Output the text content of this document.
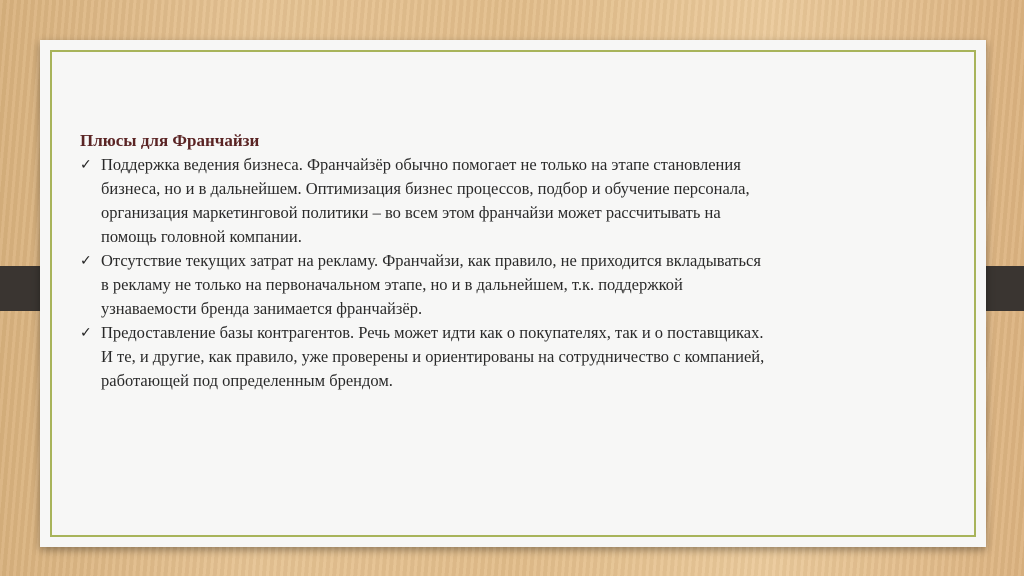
Плюсы для Франчайзи
✓ Поддержка ведения бизнеса. Франчайзёр обычно помогает не только на этапе становления
бизнеса, но и в дальнейшем. Оптимизация бизнес процессов, подбор и обучение персонала,
организация маркетинговой политики – во всем этом франчайзи может рассчитывать на
помощь головной компании.
✓ Отсутствие текущих затрат на рекламу. Франчайзи, как правило, не приходится вкладываться
в рекламу не только на первоначальном этапе, но и в дальнейшем, т.к. поддержкой
узнаваемости бренда занимается франчайзёр.
✓ Предоставление базы контрагентов. Речь может идти как о покупателях, так и о поставщиках.
И те, и другие, как правило, уже проверены и ориентированы на сотрудничество с компанией,
работающей под определенным брендом.
